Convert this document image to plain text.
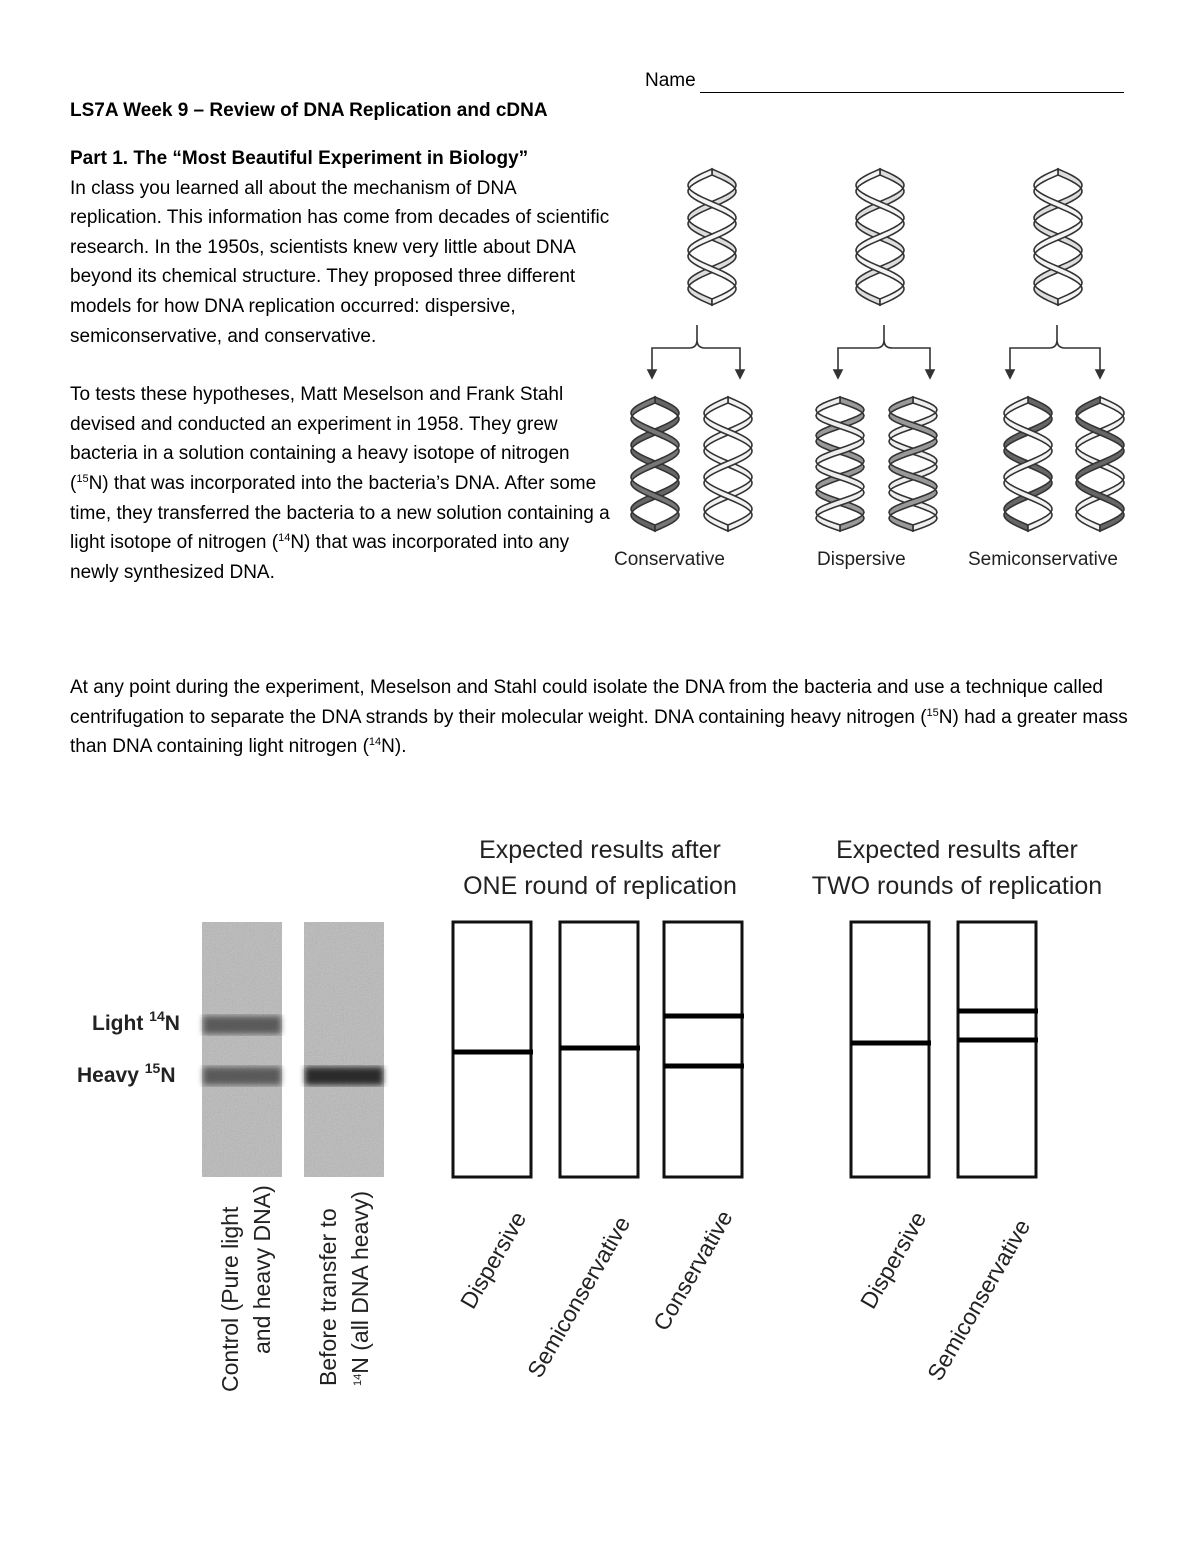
Name
LS7A Week 9 – Review of DNA Replication and cDNA

Part 1. The “Most Beautiful Experiment in Biology”
In class you learned all about the mechanism of DNA replication. This information has come from decades of scientific research. In the 1950s, scientists knew very little about DNA beyond its chemical structure. They proposed three different models for how DNA replication occurred: dispersive, semiconservative, and conservative.

To tests these hypotheses, Matt Meselson and Frank Stahl devised and conducted an experiment in 1958. They grew bacteria in a solution containing a heavy isotope of nitrogen ($^{15}$N) that was incorporated into the bacteria’s DNA. After some time, they transferred the bacteria to a new solution containing a light isotope of nitrogen ($^{14}$N) that was incorporated into any newly synthesized DNA.

At any point during the experiment, Meselson and Stahl could isolate the DNA from the bacteria and use a technique called centrifugation to separate the DNA strands by their molecular weight. DNA containing heavy nitrogen ($^{15}$N) had a greater mass than DNA containing light nitrogen ($^{14}$N).

Conservative	Dispersive	Semiconservative
Expected results after
ONE round of replication
Expected results after
TWO rounds of replication
Light $^{14}$N
Heavy $^{15}$N
Control (Pure light and heavy DNA) Before transfer to $^{14}$N (all DNA heavy)	Dispersive
Semiconservative Conservative	Dispersive
Semiconservative
